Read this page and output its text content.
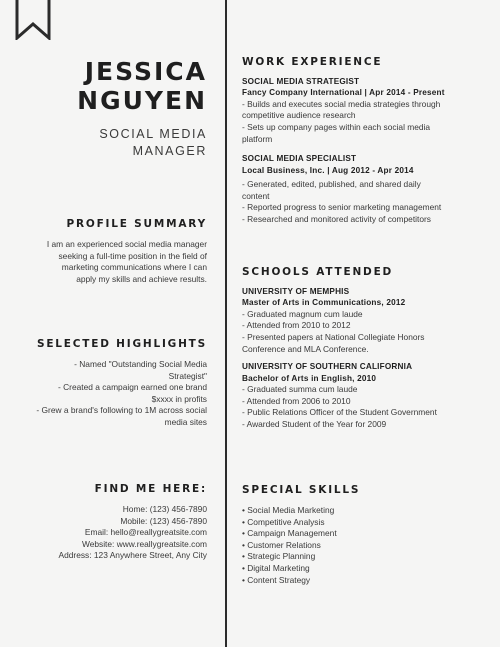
JESSICA
NGUYEN
SOCIAL MEDIA
MANAGER
PROFILE SUMMARY
I am an experienced social media manager
seeking a full-time position in the field of
marketing communications where I can
apply my skills and achieve results.
SELECTED HIGHLIGHTS
- Named "Outstanding Social Media
Strategist"
- Created a campaign earned one brand
$xxxx in profits
- Grew a brand's following to 1M across social
media sites
FIND ME HERE:
Home: (123) 456-7890
Mobile: (123) 456-7890
Email: hello@reallygreatsite.com
Website: www.reallygreatsite.com
Address: 123 Anywhere Street, Any City
WORK EXPERIENCE
SOCIAL MEDIA STRATEGIST
Fancy Company International | Apr 2014 - Present
- Builds and executes social media strategies through
competitive audience research
- Sets up company pages within each social media
platform
SOCIAL MEDIA SPECIALIST
Local Business, Inc. | Aug 2012 - Apr 2014
- Generated, edited, published, and shared daily
content
- Reported progress to senior marketing management
- Researched and monitored activity of competitors
SCHOOLS ATTENDED
UNIVERSITY OF MEMPHIS
Master of Arts in Communications, 2012
- Graduated magnum cum laude
- Attended from 2010 to 2012
- Presented papers at National Collegiate Honors
Conference and MLA Conference.
UNIVERSITY OF SOUTHERN CALIFORNIA
Bachelor of Arts in English, 2010
- Graduated summa cum laude
- Attended from 2006 to 2010
- Public Relations Officer of the Student Government
- Awarded Student of the Year for 2009
SPECIAL SKILLS
• Social Media Marketing
• Competitive Analysis
• Campaign Management
• Customer Relations
• Strategic Planning
• Digital Marketing
• Content Strategy
